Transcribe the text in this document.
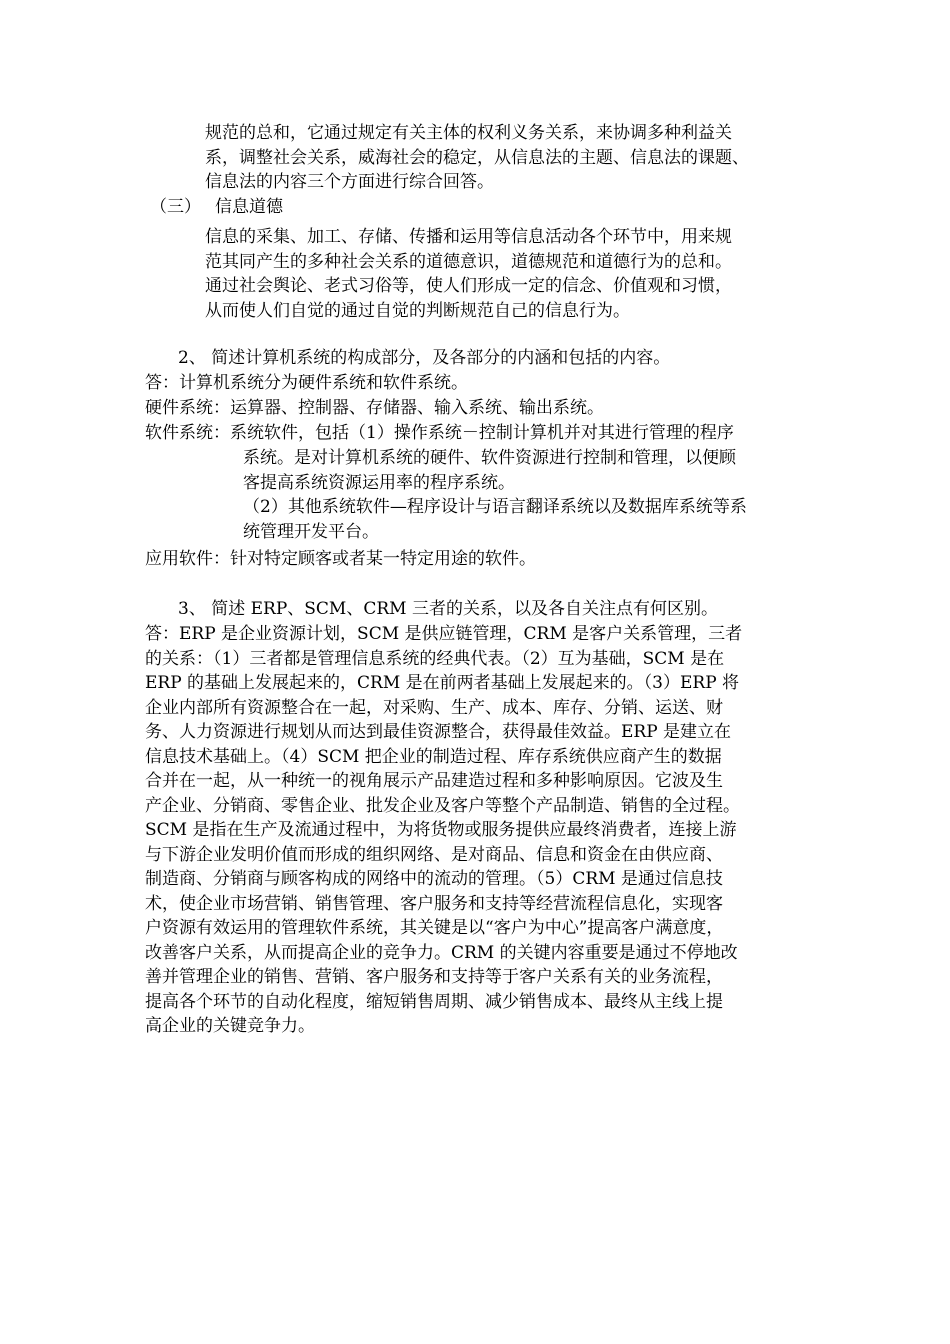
规范的总和，它通过规定有关主体的权利义务关系，来协调多种利益关
系，调整社会关系，威海社会的稳定，从信息法的主题、信息法的课题、
信息法的内容三个方面进行综合回答。
（三） 信息道德
信息的采集、加工、存储、传播和运用等信息活动各个环节中，用来规
范其同产生的多种社会关系的道德意识，道德规范和道德行为的总和。
通过社会舆论、老式习俗等，使人们形成一定的信念、价值观和习惯，
从而使人们自觉的通过自觉的判断规范自己的信息行为。
2、 简述计算机系统的构成部分，及各部分的内涵和包括的内容。
答：计算机系统分为硬件系统和软件系统。
硬件系统：运算器、控制器、存储器、输入系统、输出系统。
软件系统：系统软件，包括（1）操作系统－控制计算机并对其进行管理的程序
系统。是对计算机系统的硬件、软件资源进行控制和管理，以便顾
客提高系统资源运用率的程序系统。
（2）其他系统软件—程序设计与语言翻译系统以及数据库系统等系
统管理开发平台。
应用软件：针对特定顾客或者某一特定用途的软件。
3、 简述 ERP、SCM、CRM 三者的关系，以及各自关注点有何区别。
答：ERP 是企业资源计划，SCM 是供应链管理，CRM 是客户关系管理，三者
的关系：（1）三者都是管理信息系统的经典代表。（2）互为基础，SCM 是在
ERP 的基础上发展起来的，CRM 是在前两者基础上发展起来的。（3）ERP 将
企业内部所有资源整合在一起，对采购、生产、成本、库存、分销、运送、财
务、人力资源进行规划从而达到最佳资源整合，获得最佳效益。ERP 是建立在
信息技术基础上。（4）SCM 把企业的制造过程、库存系统供应商产生的数据
合并在一起，从一种统一的视角展示产品建造过程和多种影响原因。它波及生
产企业、分销商、零售企业、批发企业及客户等整个产品制造、销售的全过程。
SCM 是指在生产及流通过程中，为将货物或服务提供应最终消费者，连接上游
与下游企业发明价值而形成的组织网络、是对商品、信息和资金在由供应商、
制造商、分销商与顾客构成的网络中的流动的管理。（5）CRM 是通过信息技
术，使企业市场营销、销售管理、客户服务和支持等经营流程信息化，实现客
户资源有效运用的管理软件系统，其关键是以“客户为中心”提高客户满意度，
改善客户关系，从而提高企业的竞争力。CRM 的关键内容重要是通过不停地改
善并管理企业的销售、营销、客户服务和支持等于客户关系有关的业务流程，
提高各个环节的自动化程度，缩短销售周期、减少销售成本、最终从主线上提
高企业的关键竞争力。
